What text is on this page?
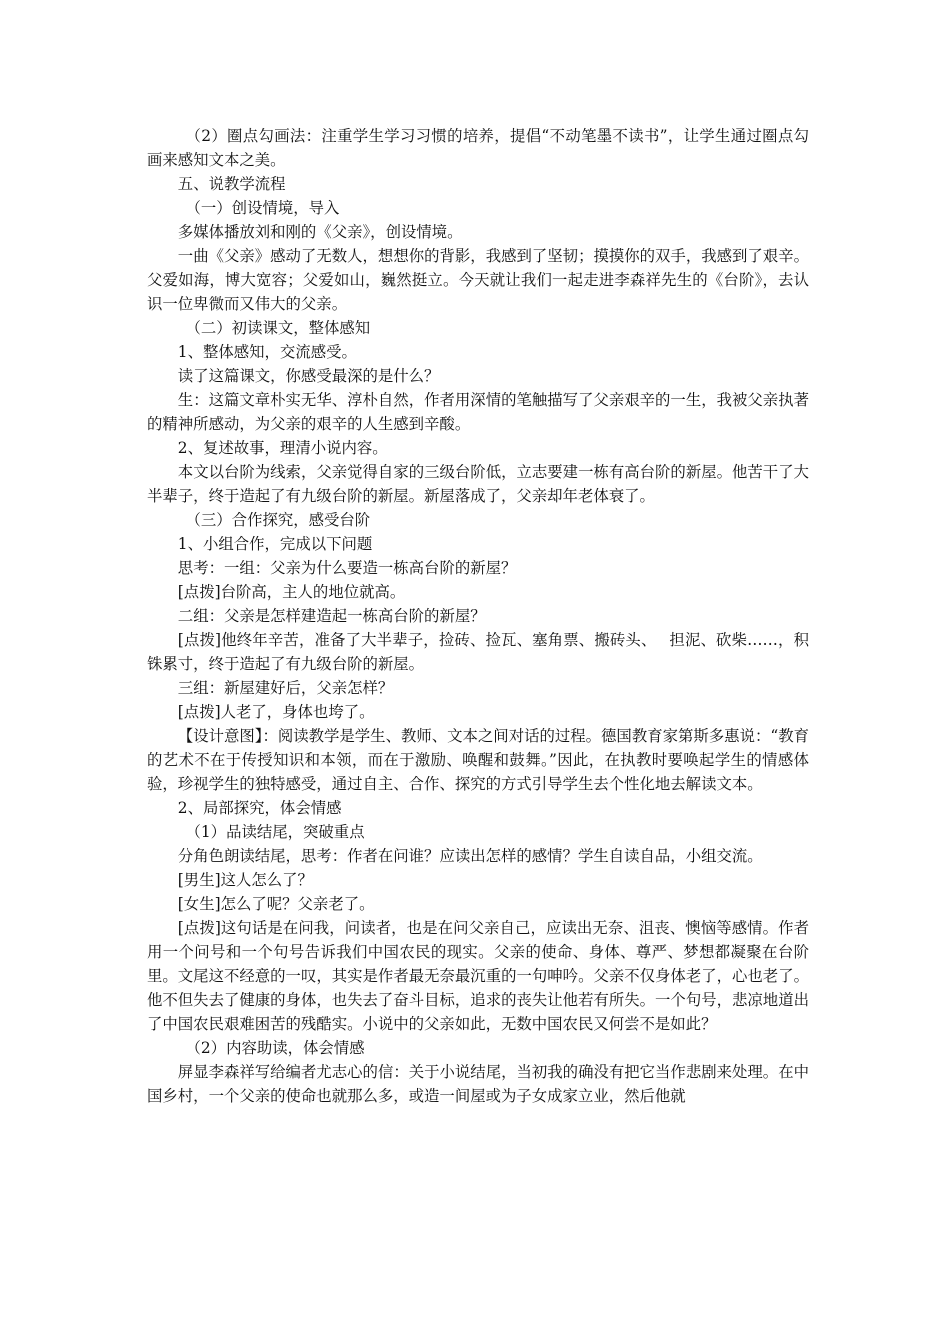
（2）圈点勾画法：注重学生学习习惯的培养，提倡“不动笔墨不读书”，让学生通过圈点勾画来感知文本之美。

五、说教学流程

（一）创设情境，导入

多媒体播放刘和刚的《父亲》，创设情境。

一曲《父亲》感动了无数人，想想你的背影，我感到了坚韧；摸摸你的双手，我感到了艰辛。父爱如海，博大宽容；父爱如山，巍然挺立。今天就让我们一起走进李森祥先生的《台阶》，去认识一位卑微而又伟大的父亲。

（二）初读课文，整体感知

1、整体感知，交流感受。

读了这篇课文，你感受最深的是什么？

生：这篇文章朴实无华、淳朴自然，作者用深情的笔触描写了父亲艰辛的一生，我被父亲执著的精神所感动，为父亲的艰辛的人生感到辛酸。

2、复述故事，理清小说内容。

本文以台阶为线索，父亲觉得自家的三级台阶低，立志要建一栋有高台阶的新屋。他苦干了大半辈子，终于造起了有九级台阶的新屋。新屋落成了，父亲却年老体衰了。

（三）合作探究，感受台阶

1、小组合作，完成以下问题

思考：一组：父亲为什么要造一栋高台阶的新屋？

[点拨]台阶高，主人的地位就高。

二组：父亲是怎样建造起一栋高台阶的新屋？

[点拨]他终年辛苦，准备了大半辈子，捡砖、捡瓦、塞角票、搬砖头、　 担泥、砍柴……，积铢累寸，终于造起了有九级台阶的新屋。

三组：新屋建好后，父亲怎样？

[点拨]人老了，身体也垮了。

【设计意图】：阅读教学是学生、教师、文本之间对话的过程。德国教育家第斯多惠说：“教育的艺术不在于传授知识和本领，而在于激励、唤醒和鼓舞。”因此，在执教时要唤起学生的情感体验，珍视学生的独特感受，通过自主、合作、探究的方式引导学生去个性化地去解读文本。

2、局部探究，体会情感

（1）品读结尾，突破重点

分角色朗读结尾，思考：作者在问谁？应读出怎样的感情？学生自读自品，小组交流。

[男生]这人怎么了？

[女生]怎么了呢？父亲老了。

[点拨]这句话是在问我，问读者，也是在问父亲自己，应读出无奈、沮丧、懊恼等感情。作者用一个问号和一个句号告诉我们中国农民的现实。父亲的使命、身体、尊严、梦想都凝聚在台阶里。文尾这不经意的一叹，其实是作者最无奈最沉重的一句呻吟。父亲不仅身体老了，心也老了。他不但失去了健康的身体，也失去了奋斗目标，追求的丧失让他若有所失。一个句号，悲凉地道出了中国农民艰难困苦的残酷实。小说中的父亲如此，无数中国农民又何尝不是如此？

（2）内容助读，体会情感

屏显李森祥写给编者尤志心的信：关于小说结尾，当初我的确没有把它当作悲剧来处理。在中国乡村，一个父亲的使命也就那么多，或造一间屋或为子女成家立业，然后他就
